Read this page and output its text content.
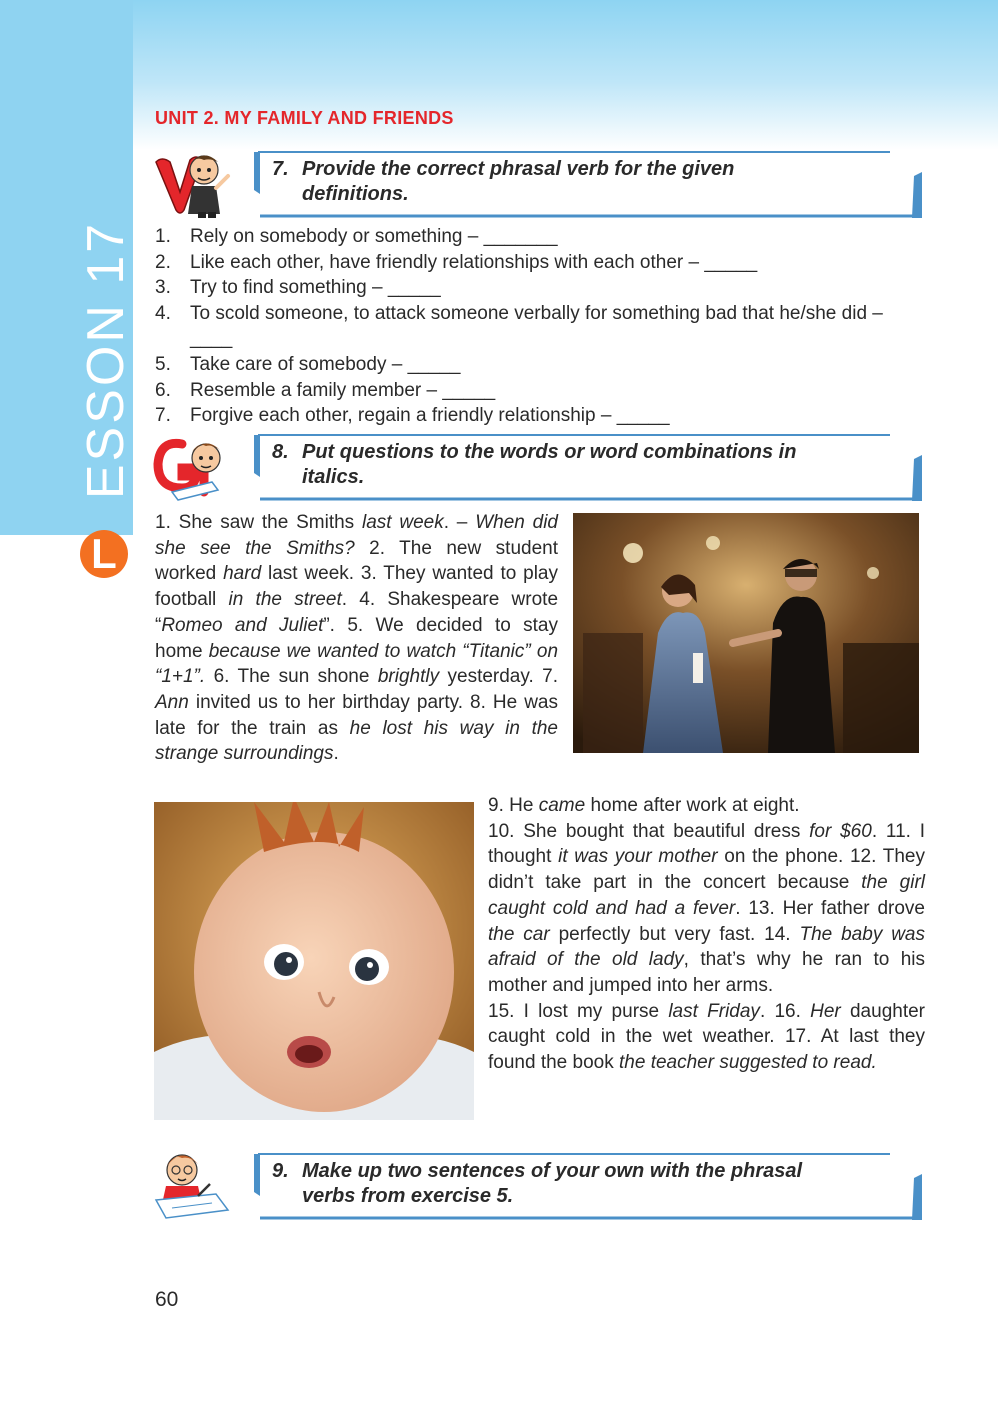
ESSON 17
L
UNIT 2. MY FAMILY AND FRIENDS
7. Provide the correct phrasal verb for the given
definitions.
1. Rely on somebody or something – _______
2. Like each other, have friendly relationships with each other – _____
3. Try to find something – _____
4. To scold someone, to attack someone verbally for something bad that he/she did – ____
5. Take care of somebody – _____
6. Resemble a family member – _____
7. Forgive each other, regain a friendly relationship – _____
8. Put questions to the words or word combinations in
italics.
1. She saw the Smiths last week. – When did she see the Smiths? 2. The new student worked hard last week. 3. They wanted to play football in the street. 4. Shakespeare wrote “Romeo and Juliet”. 5. We decided to stay home because we wanted to watch “Titanic” on “1+1”. 6. The sun shone brightly yesterday. 7. Ann invited us to her birthday party. 8. He was late for the train as he lost his way in the strange surroundings.
9. He came home after work at eight.
10. She bought that beautiful dress for $60. 11. I thought it was your mother on the phone. 12. They didn’t take part in the concert because the girl caught cold and had a fever. 13. Her father drove the car perfectly but very fast. 14. The baby was afraid of the old lady, that’s why he ran to his mother and jumped into her arms.
15. I lost my purse last Friday. 16. Her daughter caught cold in the wet weather. 17. At last they found the book the teacher suggested to read.
9. Make up two sentences of your own with the phrasal
verbs from exercise 5.
60
